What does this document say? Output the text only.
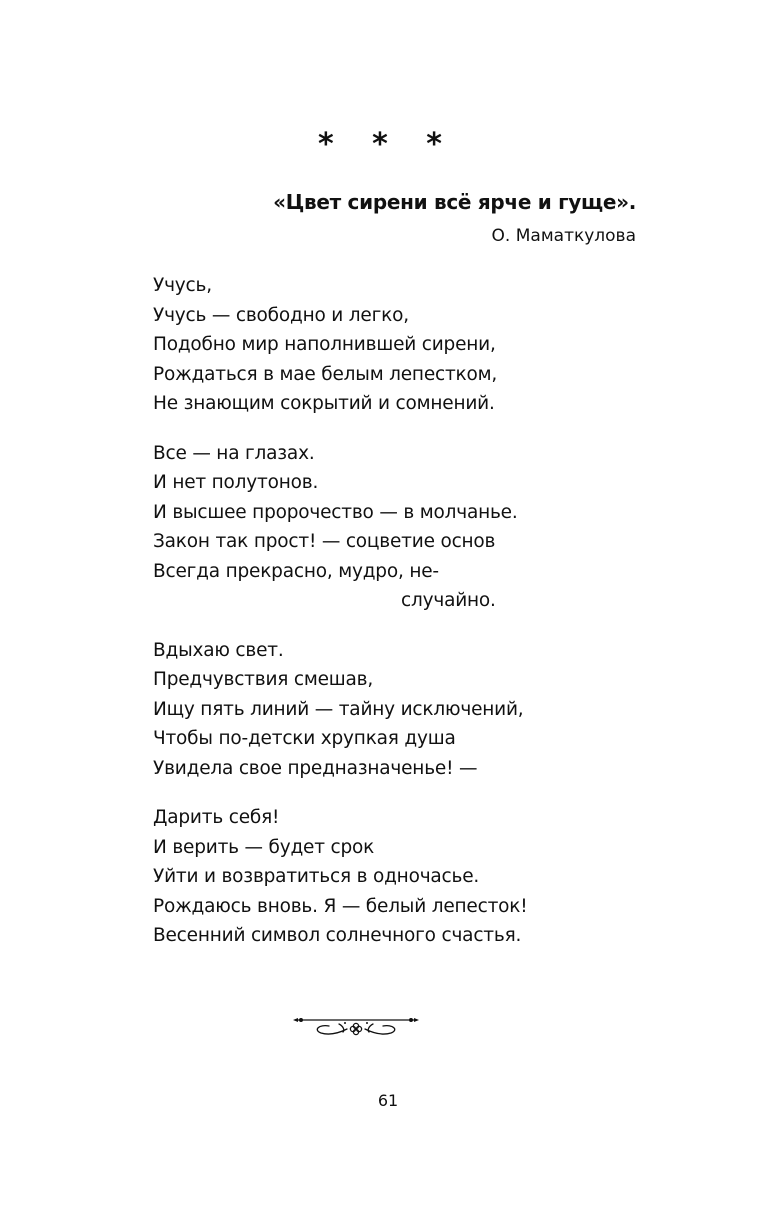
* * *
«Цвет сирени всё ярче и гуще».
О. Маматкулова
Учусь,
Учусь — свободно и легко,
Подобно мир наполнившей сирени,
Рождаться в мае белым лепестком,
Не знающим сокрытий и сомнений.
Все — на глазах.
И нет полутонов.
И высшее пророчество — в молчанье.
Закон так прост! — соцветие основ
Всегда прекрасно, мудро, не-
случайно.
Вдыхаю свет.
Предчувствия смешав,
Ищу пять линий — тайну исключений,
Чтобы по-детски хрупкая душа
Увидела свое предназначенье! —
Дарить себя!
И верить — будет срок
Уйти и возвратиться в одночасье.
Рождаюсь вновь. Я — белый лепесток!
Весенний символ солнечного счастья.
61
